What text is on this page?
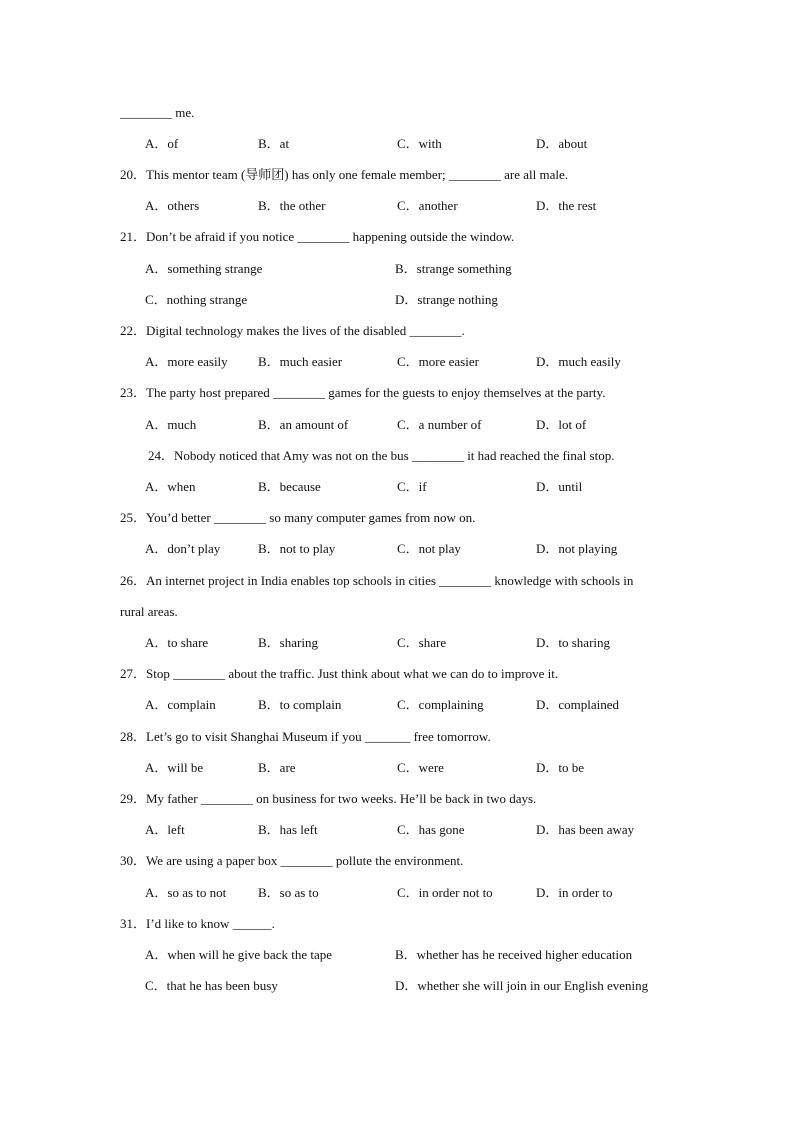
________ me.
A．of	B．at	C．with	D．about
20．This mentor team (导师团) has only one female member; ________ are all male.
A．others	B．the other	C．another	D．the rest
21．Don’t be afraid if you notice ________ happening outside the window.
A．something strange	B．strange something
C．nothing strange	D．strange nothing
22．Digital technology makes the lives of the disabled ________.
A．more easily B．much easier	C．more easier	D．much easily
23．The party host prepared ________ games for the guests to enjoy themselves at the party.
A．much	B．an amount of	C．a number of	D．lot of
24．Nobody noticed that Amy was not on the bus ________ it had reached the final stop.
A．when	B．because	C．if	D．until
25．You’d better ________ so many computer games from now on.
A．don’t play	B．not to play	C．not play	D．not playing
26．An internet project in India enables top schools in cities ________ knowledge with schools in
rural areas.
A．to share	B．sharing	C．share	D．to sharing
27．Stop ________ about the traffic. Just think about what we can do to improve it.
A．complain	B．to complain	C．complaining	D．complained
28．Let’s go to visit Shanghai Museum if you _______ free tomorrow.
A．will be	B．are	C．were	D．to be
29．My father ________ on business for two weeks. He’ll be back in two days.
A．left	B．has left	C．has gone	D．has been away
30．We are using a paper box ________ pollute the environment.
A．so as to not B．so as to	C．in order not to	D．in order to
31．I’d like to know ______.
A．when will he give back the tape	B．whether has he received higher education
C．that he has been busy	D．whether she will join in our English evening
